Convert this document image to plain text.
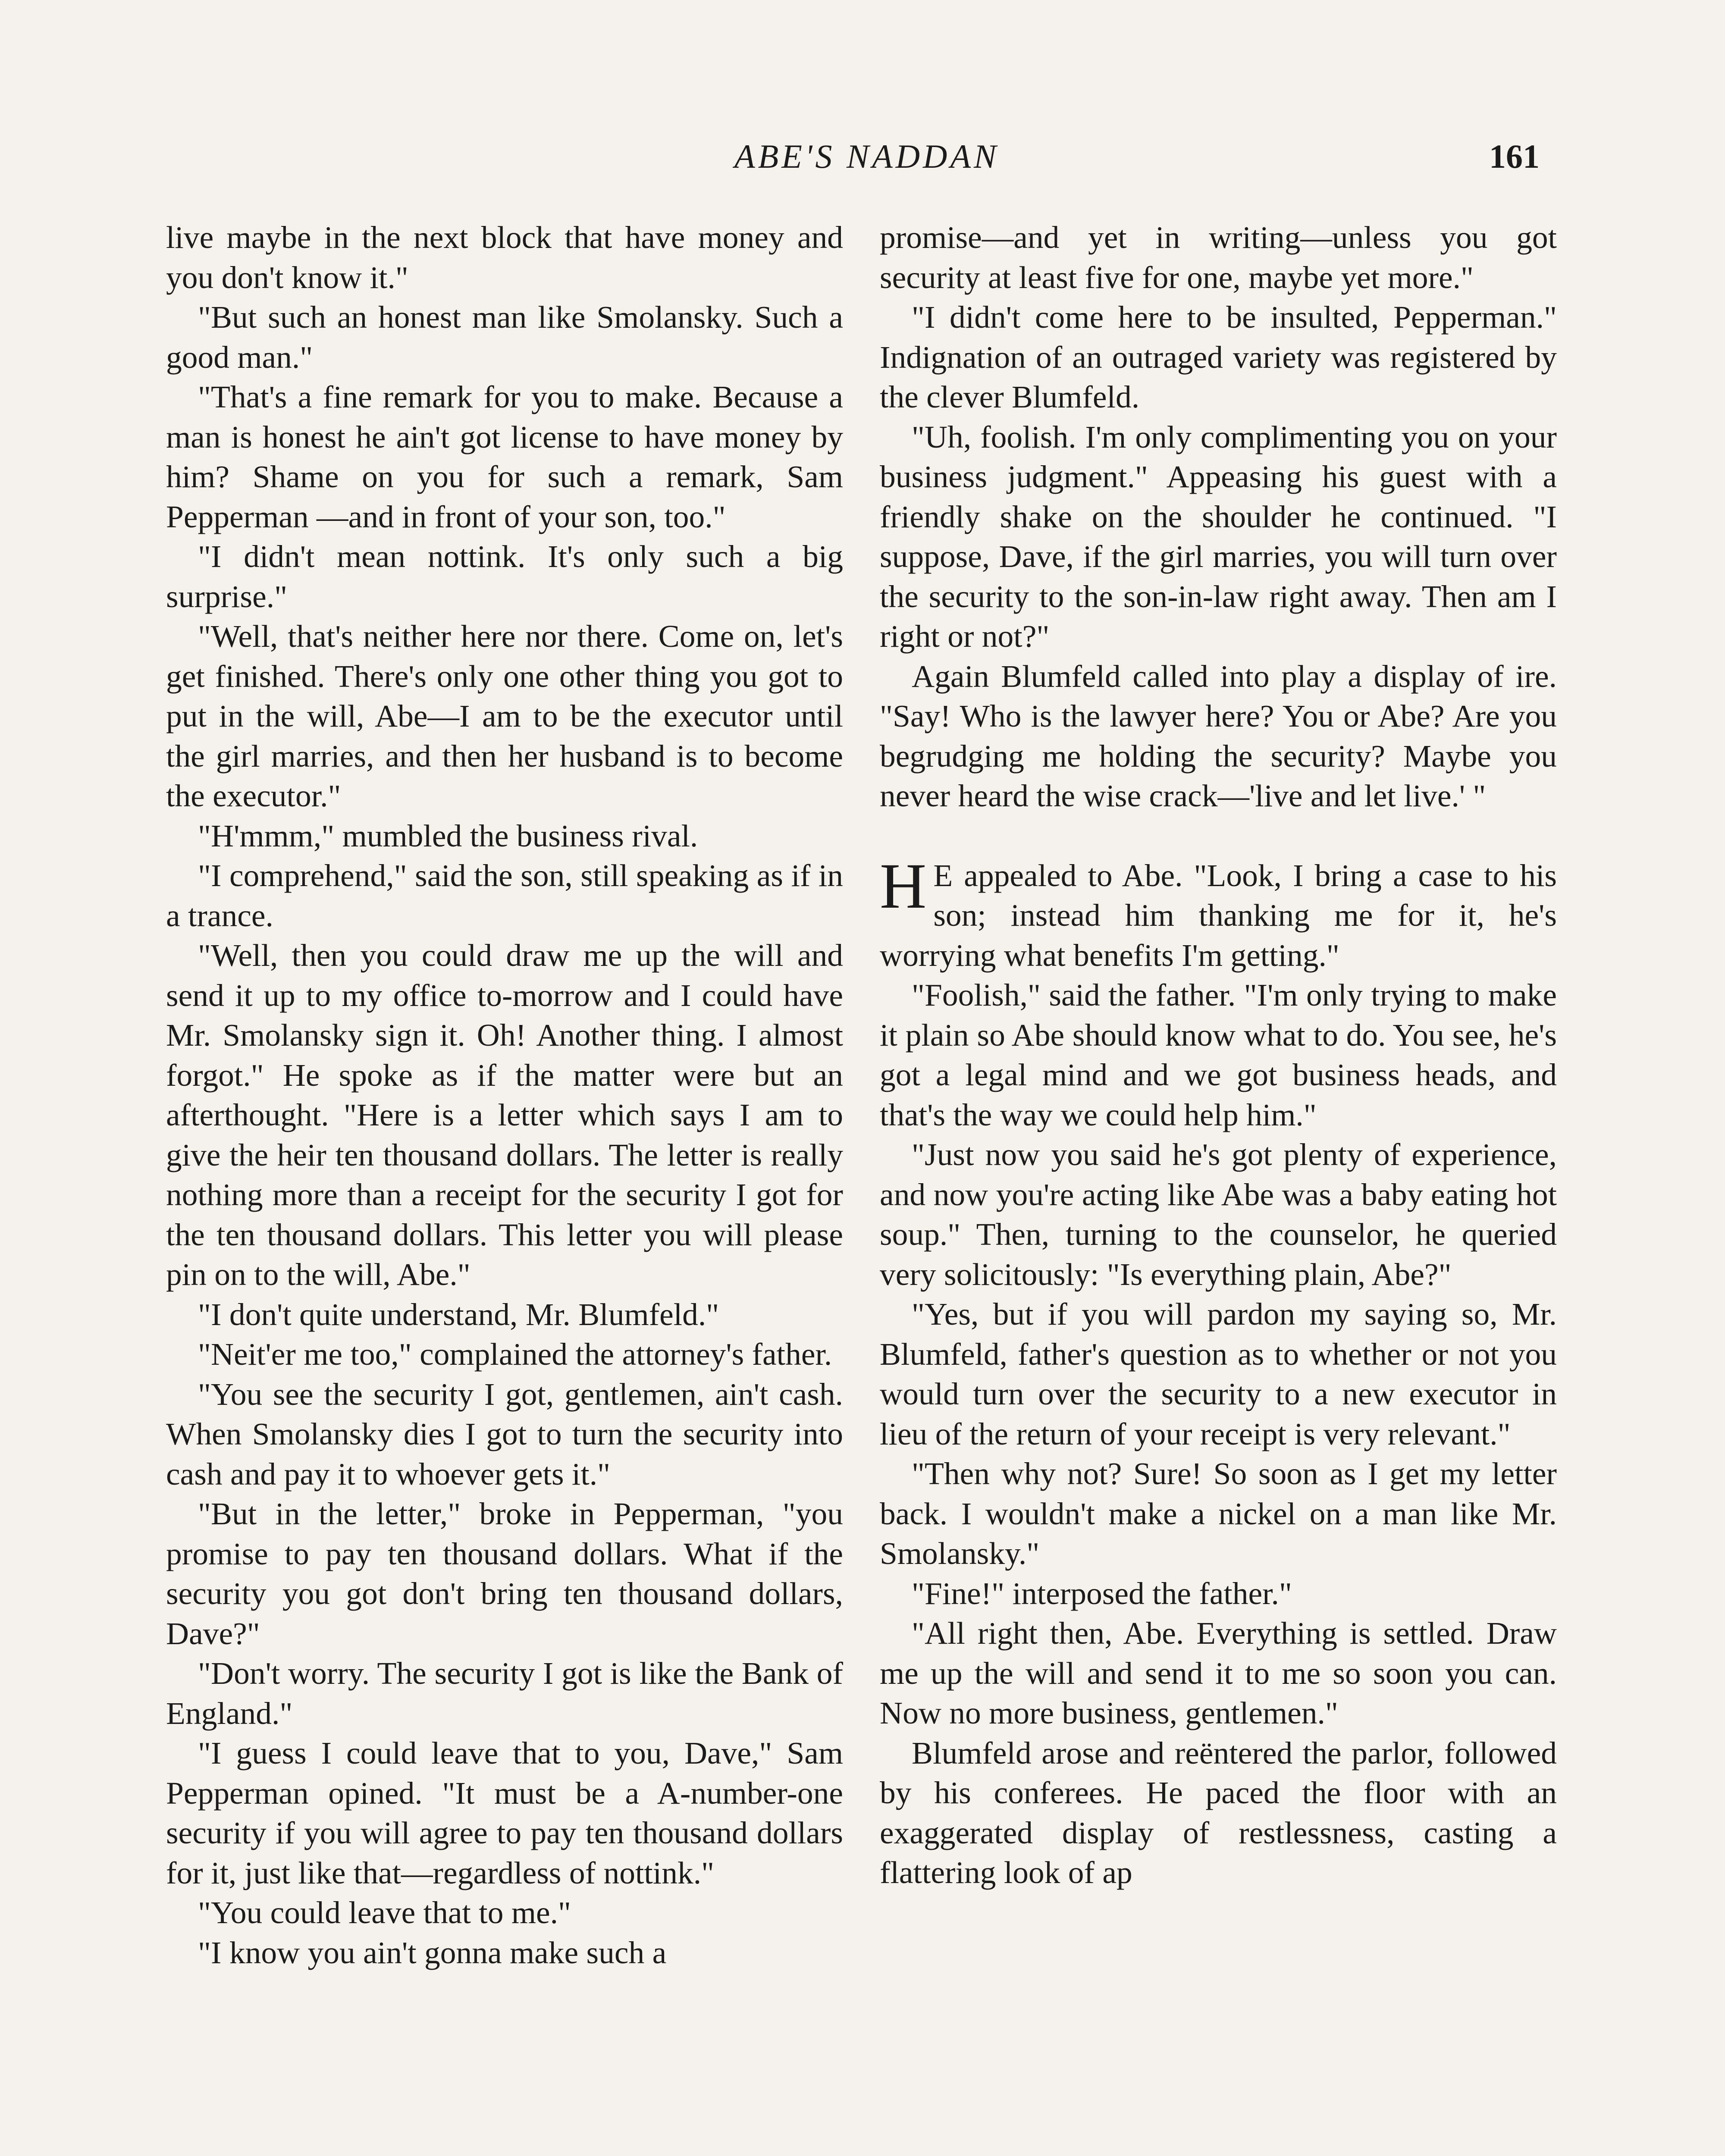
ABE'S NADDAN	161

live maybe in the next block that have money and you don't know it."

"But such an honest man like Smolansky. Such a good man."

"That's a fine remark for you to make. Because a man is honest he ain't got license to have money by him? Shame on you for such a remark, Sam Pepperman —and in front of your son, too."

"I didn't mean nottink. It's only such a big surprise."

"Well, that's neither here nor there. Come on, let's get finished. There's only one other thing you got to put in the will, Abe—I am to be the executor until the girl marries, and then her husband is to become the executor."

"H'mmm," mumbled the business rival.

"I comprehend," said the son, still speaking as if in a trance.

"Well, then you could draw me up the will and send it up to my office to-morrow and I could have Mr. Smolansky sign it. Oh! Another thing. I almost forgot." He spoke as if the matter were but an afterthought. "Here is a letter which says I am to give the heir ten thousand dollars. The letter is really nothing more than a receipt for the security I got for the ten thousand dollars. This letter you will please pin on to the will, Abe."

"I don't quite understand, Mr. Blumfeld."

"Neit'er me too," complained the attorney's father.

"You see the security I got, gentlemen, ain't cash. When Smolansky dies I got to turn the security into cash and pay it to whoever gets it."

"But in the letter," broke in Pepperman, "you promise to pay ten thousand dollars. What if the security you got don't bring ten thousand dollars, Dave?"

"Don't worry. The security I got is like the Bank of England."

"I guess I could leave that to you, Dave," Sam Pepperman opined. "It must be a A-number-one security if you will agree to pay ten thousand dollars for it, just like that—regardless of nottink."

"You could leave that to me."

"I know you ain't gonna make such a

promise—and yet in writing—unless you got security at least five for one, maybe yet more."

"I didn't come here to be insulted, Pepperman." Indignation of an outraged variety was registered by the clever Blumfeld.

"Uh, foolish. I'm only complimenting you on your business judgment." Appeasing his guest with a friendly shake on the shoulder he continued. "I suppose, Dave, if the girl marries, you will turn over the security to the son-in-law right away. Then am I right or not?"

Again Blumfeld called into play a display of ire. "Say! Who is the lawyer here? You or Abe? Are you begrudging me holding the security? Maybe you never heard the wise crack—'live and let live.' "

H E appealed to Abe. "Look, I bring a case to his son; instead him thanking me for it, he's worrying what benefits I'm getting."

"Foolish," said the father. "I'm only trying to make it plain so Abe should know what to do. You see, he's got a legal mind and we got business heads, and that's the way we could help him."

"Just now you said he's got plenty of experience, and now you're acting like Abe was a baby eating hot soup." Then, turning to the counselor, he queried very solicitously: "Is everything plain, Abe?"

"Yes, but if you will pardon my saying so, Mr. Blumfeld, father's question as to whether or not you would turn over the security to a new executor in lieu of the return of your receipt is very relevant."

"Then why not? Sure! So soon as I get my letter back. I wouldn't make a nickel on a man like Mr. Smolansky."

"Fine!" interposed the father."

"All right then, Abe. Everything is settled. Draw me up the will and send it to me so soon you can. Now no more business, gentlemen."

Blumfeld arose and reëntered the parlor, followed by his conferees. He paced the floor with an exaggerated display of restlessness, casting a flattering look of ap
